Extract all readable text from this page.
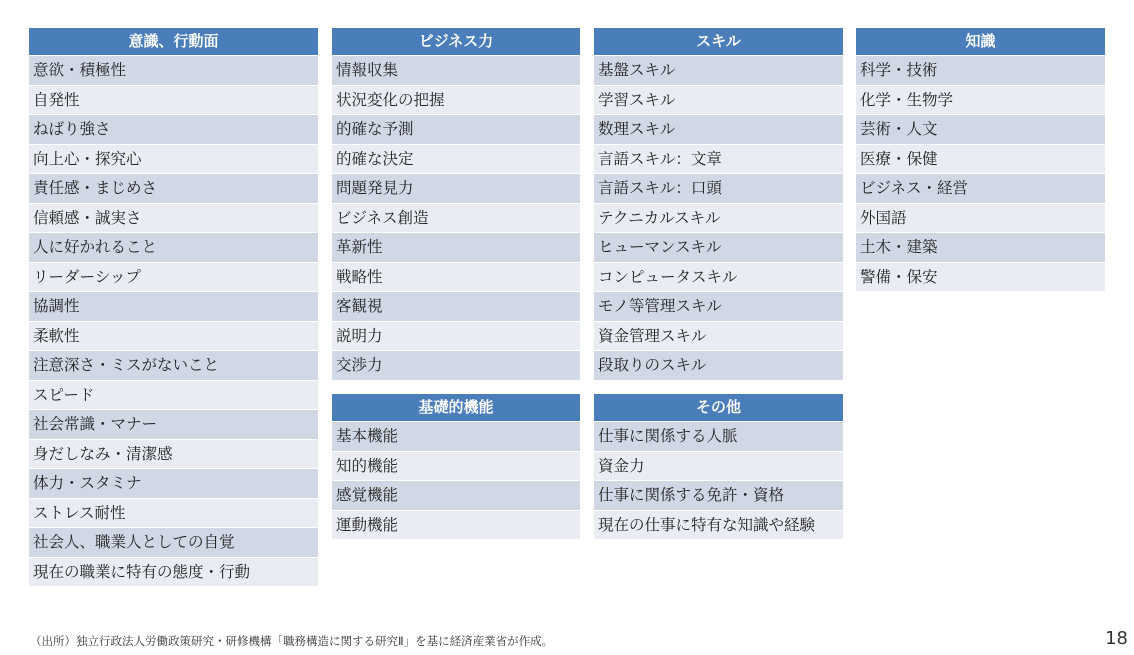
意識、行動面
意欲・積極性
自発性
ねばり強さ
向上心・探究心
責任感・まじめさ
信頼感・誠実さ
人に好かれること
リーダーシップ
協調性
柔軟性
注意深さ・ミスがないこと
スピード
社会常識・マナー
身だしなみ・清潔感
体力・スタミナ
ストレス耐性
社会人、職業人としての自覚
現在の職業に特有の態度・行動
ビジネス力
情報収集
状況変化の把握
的確な予測
的確な決定
問題発見力
ビジネス創造
革新性
戦略性
客観視
説明力
交渉力
基礎的機能
基本機能
知的機能
感覚機能
運動機能
スキル
基盤スキル
学習スキル
数理スキル
言語スキル：文章
言語スキル：口頭
テクニカルスキル
ヒューマンスキル
コンピュータスキル
モノ等管理スキル
資金管理スキル
段取りのスキル
その他
仕事に関係する人脈
資金力
仕事に関係する免許・資格
現在の仕事に特有な知識や経験
知識
科学・技術
化学・生物学
芸術・人文
医療・保健
ビジネス・経営
外国語
土木・建築
警備・保安
（出所）独立行政法人労働政策研究・研修機構「職務構造に関する研究Ⅱ」を基に経済産業省が作成。	18
